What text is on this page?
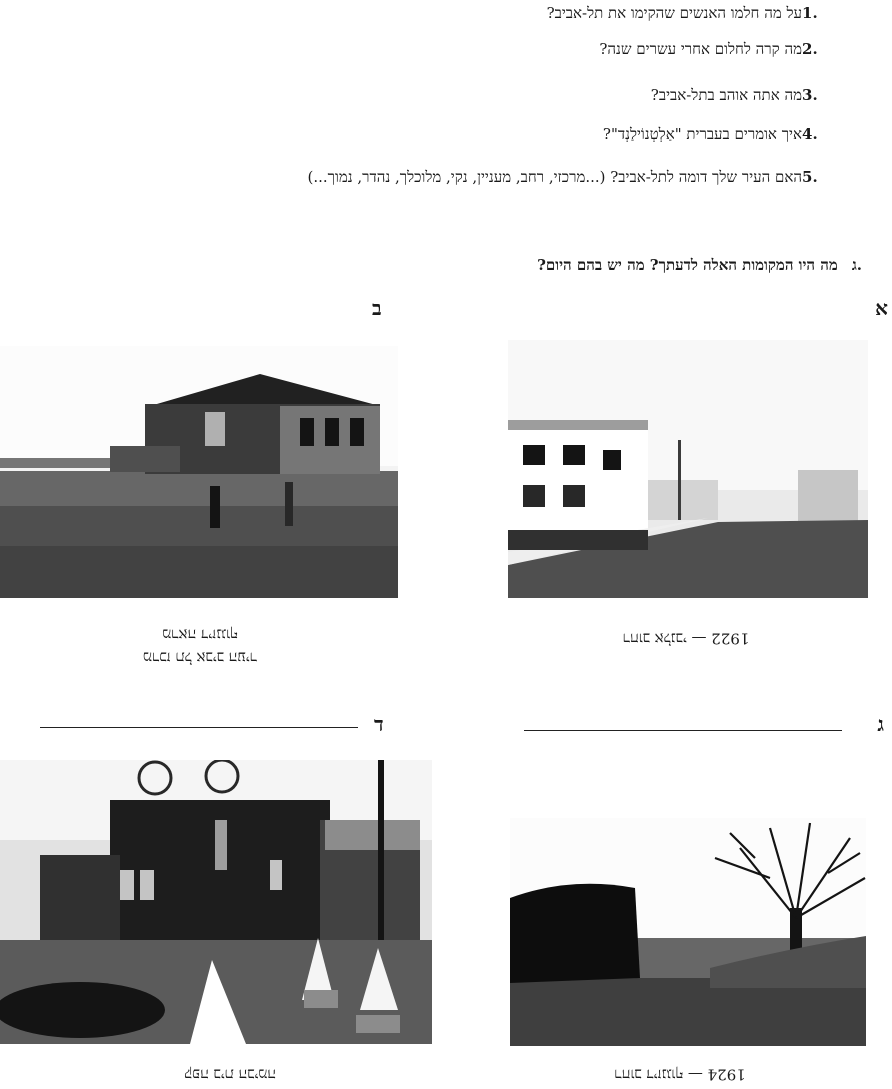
.1
על מה חלמו האנשים שהקימו את תל-אביב?
.2
מה קרה לחלום אחרי עשרים שנה?
.3
מה אתה אוהב בתל-אביב?
.4
איך אומרים בעברית "אַלְטְנוֹילַנְד"?
.5
האם העיר שלך דומה לתל-אביב? (...מרכזי, רחב, מעניין, נקי, מלוכלך, נהדר, נמוך...)
.ג
מה היו המקומות האלה לדעתך? מה יש בהם היום?
א
ב
ג
ד
1922 — רחוב אלנבי
מרכז תל אביב העיר
מראה דיזנגוף
1924 — רחוב דיזנגוף
קפה בית הבימה
